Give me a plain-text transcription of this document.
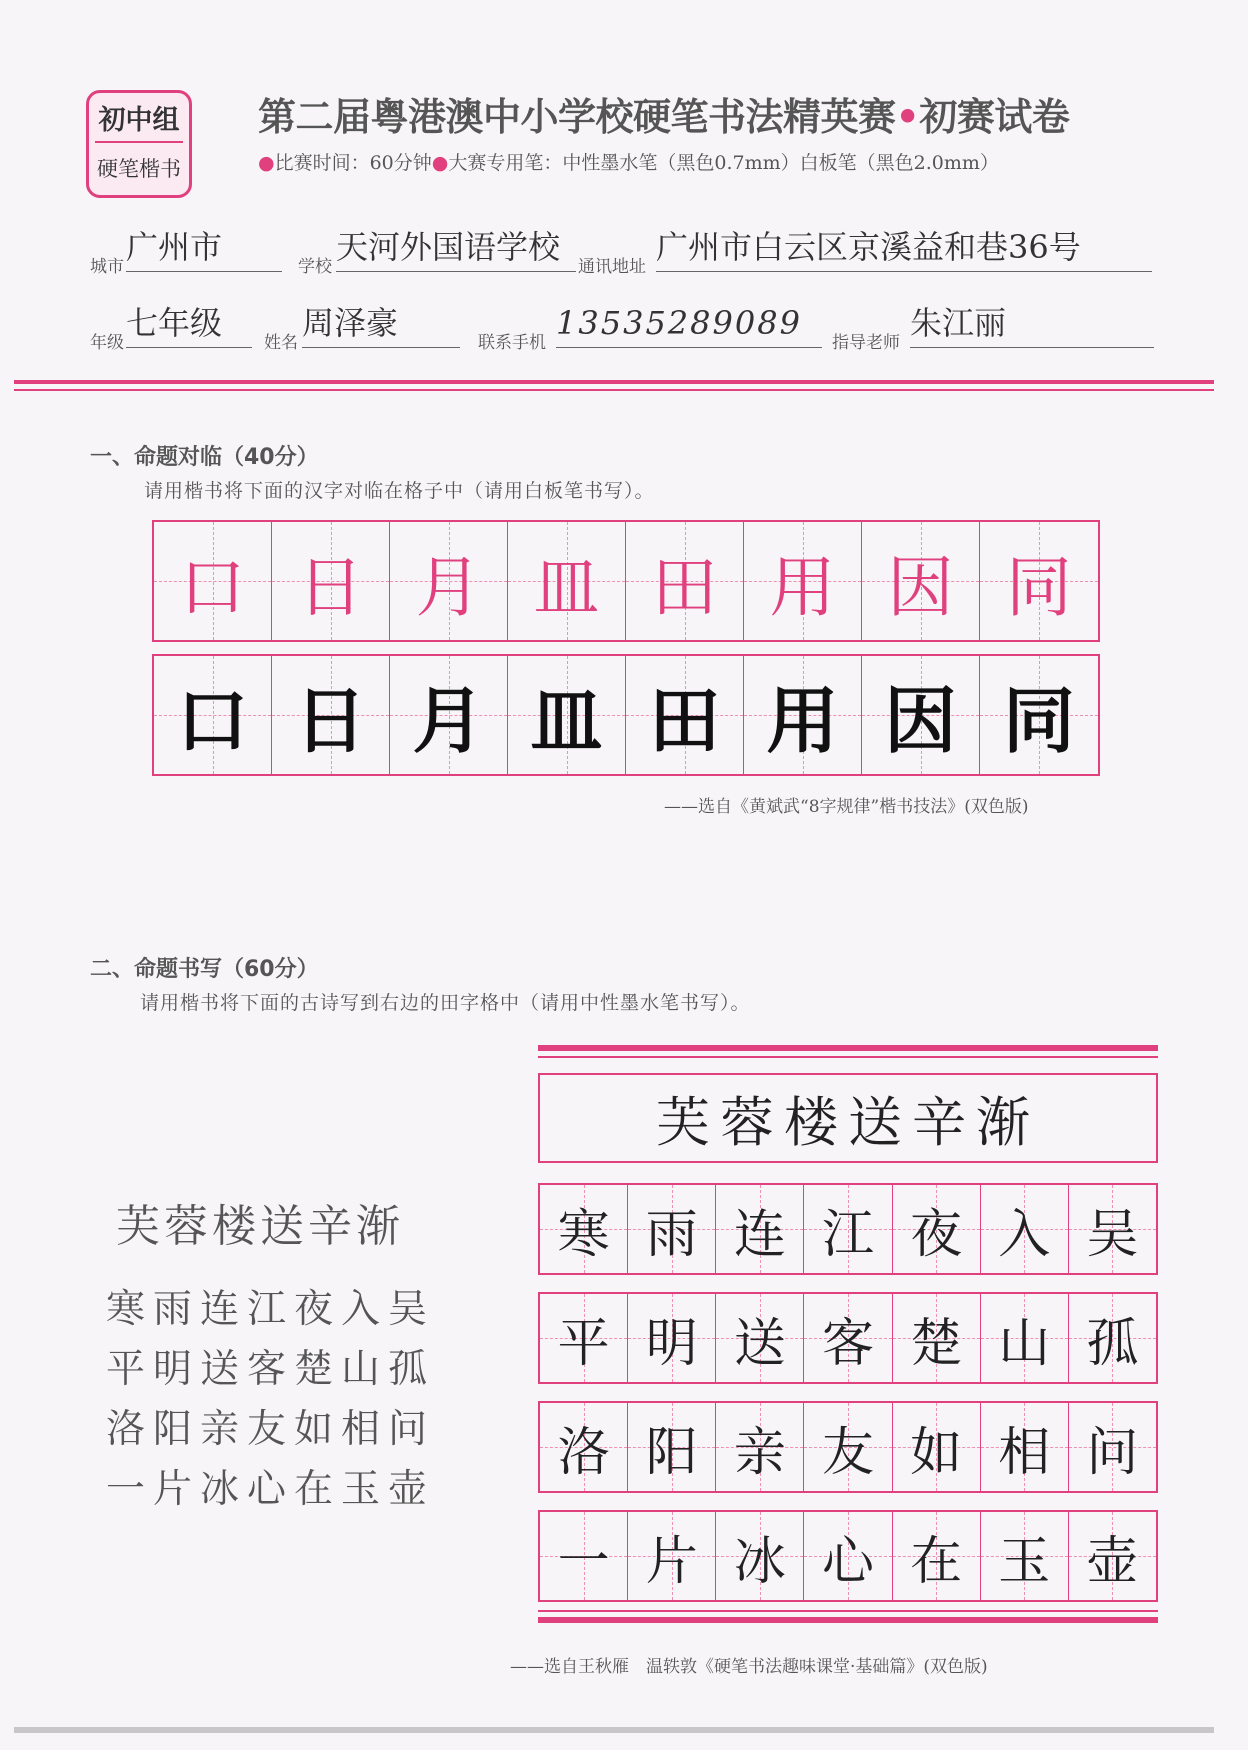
初中组
硬笔楷书
第二届粤港澳中小学校硬笔书法精英赛•初赛试卷
●比赛时间：60分钟●大赛专用笔：中性墨水笔（黑色0.7mm）白板笔（黑色2.0mm）
城市
广州市
学校
天河外国语学校
通讯地址
广州市白云区京溪益和巷36号
年级
七年级
姓名
周泽豪
联系手机
13535289089
指导老师
朱江丽
一、命题对临（40分）
请用楷书将下面的汉字对临在格子中（请用白板笔书写）。
口 日 月 皿 田 用 因 同
口 日 月 皿 田 用 因 同
——选自《黄斌武“8字规律”楷书技法》(双色版)
二、命题书写（60分）
请用楷书将下面的古诗写到右边的田字格中（请用中性墨水笔书写）。
芙蓉楼送辛渐
寒雨连江夜入吴
平明送客楚山孤
洛阳亲友如相问
一片冰心在玉壶
芙蓉楼送辛渐
寒 雨 连 江 夜 入 吴
平 明 送 客 楚 山 孤
洛 阳 亲 友 如 相 问
一 片 冰 心 在 玉 壶
——选自王秋雁　温轶敦《硬笔书法趣味课堂·基础篇》(双色版)
